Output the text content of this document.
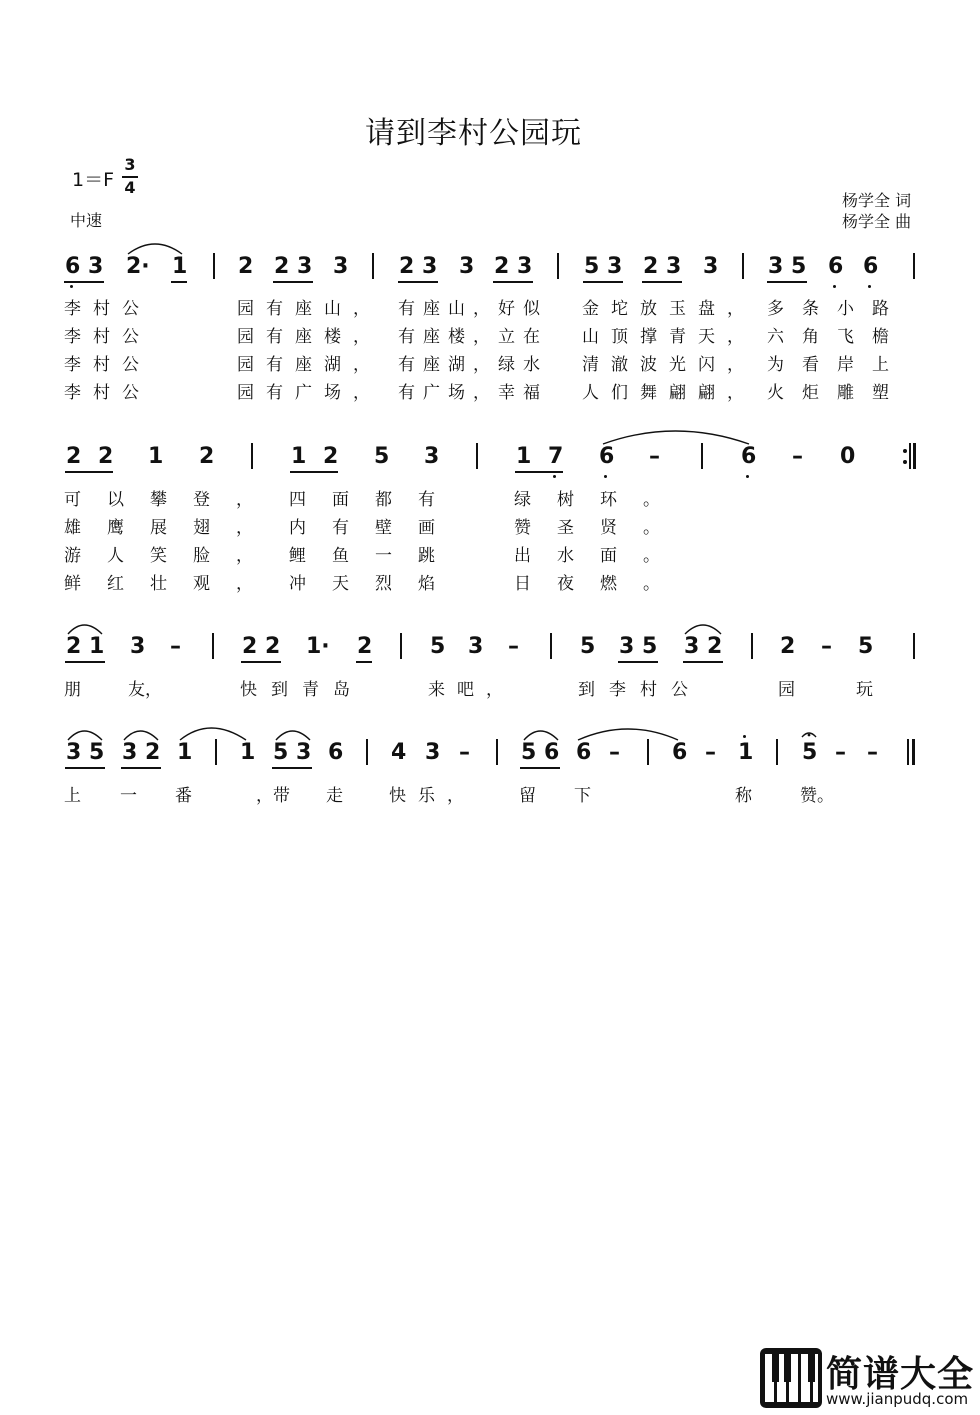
请到李村公园玩
1＝F
3
4
中速
杨学全 词
杨学全 曲
6 3 2· 1 2 2 3 3 2 3 3 2 3 5 3 2 3 3 3 5 6 6
李村公	园有座山， 有座山，好似 金坨放玉盘， 多条小路
李村公	园有座楼， 有座楼，立在 山顶撑青天， 六角飞檐
李村公	园有座湖， 有座湖，绿水 清澈波光闪， 为看岸上
李村公	园有广场， 有广场，幸福 人们舞翩翩， 火炬雕塑
2 2 1 2	1 2 5 3	1 7 6 –	6 – 0
可以攀登， 四面都有	绿树环。
雄鹰展翅， 内有壁画	赞圣贤。
游人笑脸， 鲤鱼一跳	出水面。
鲜红壮观， 冲天烈焰	日夜燃。
2 1 3 –	2 2 1· 2	5 3 –	5 3 5 3 2	2 – 5
朋	友，	快到青岛	来吧，	到李村公	园	玩
3 5 3 2 1 1 5 3 6 4 3 – 5 6 6 – 6 – 1 5 – –
上 一 番	，带 走	快乐，	留 下	称	赞。
简谱大全
www.jianpudq.com
